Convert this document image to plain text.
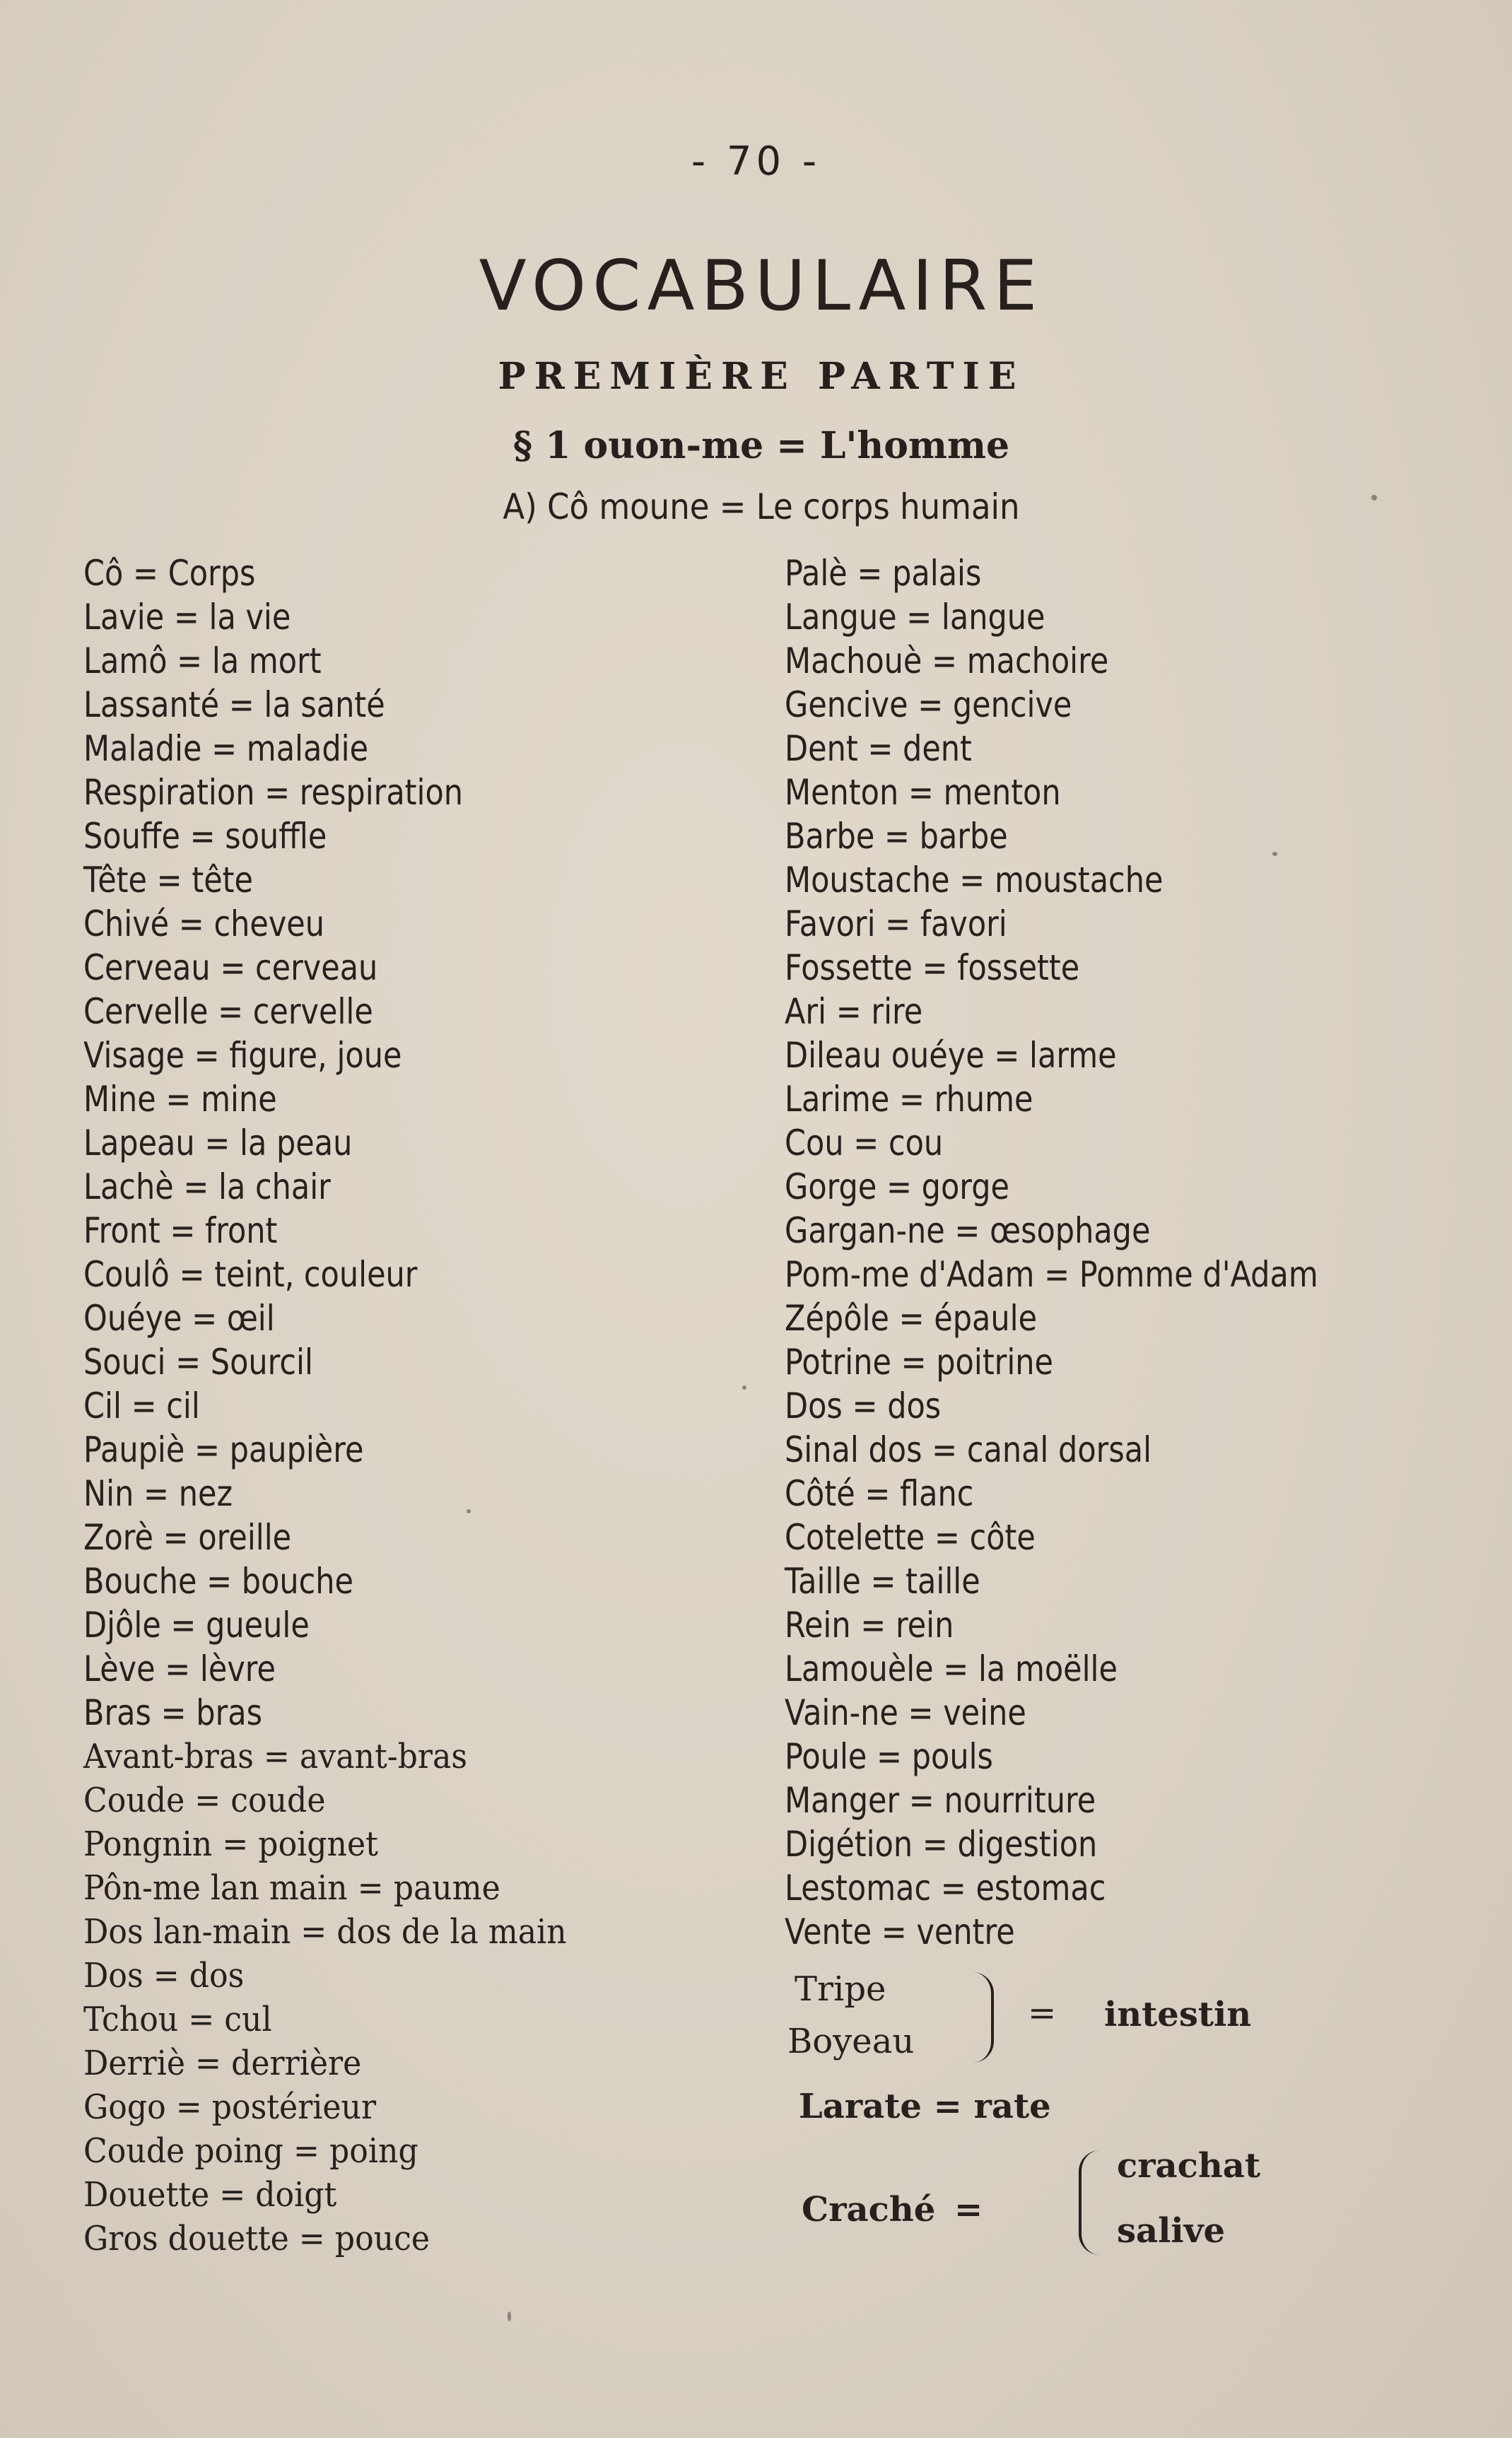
- 70 -
VOCABULAIRE
PREMIÈRE PARTIE
§ 1 ouon-me = L'homme
A) Cô moune = Le corps humain
Cô = Corps
Lavie = la vie
Lamô = la mort
Lassanté = la santé
Maladie = maladie
Respiration = respiration
Souffe = souffle
Tête = tête
Chivé = cheveu
Cerveau = cerveau
Cervelle = cervelle
Visage = figure, joue
Mine = mine
Lapeau = la peau
Lachè = la chair
Front = front
Coulô = teint, couleur
Ouéye = œil
Souci = Sourcil
Cil = cil
Paupiè = paupière
Nin = nez
Zorè = oreille
Bouche = bouche
Djôle = gueule
Lève = lèvre
Bras = bras
Avant-bras = avant-bras
Coude = coude
Pongnin = poignet
Pôn-me lan main = paume
Dos lan-main = dos de la main
Dos = dos
Tchou = cul
Derriè = derrière
Gogo = postérieur
Coude poing = poing
Douette = doigt
Gros douette = pouce
Palè = palais
Langue = langue
Machouè = machoire
Gencive = gencive
Dent = dent
Menton = menton
Barbe = barbe
Moustache = moustache
Favori = favori
Fossette = fossette
Ari = rire
Dileau ouéye = larme
Larime = rhume
Cou = cou
Gorge = gorge
Gargan-ne = œsophage
Pom-me d'Adam = Pomme d'Adam
Zépôle = épaule
Potrine = poitrine
Dos = dos
Sinal dos = canal dorsal
Côté = flanc
Cotelette = côte
Taille = taille
Rein = rein
Lamouèle = la moëlle
Vain-ne = veine
Poule = pouls
Manger = nourriture
Digétion = digestion
Lestomac = estomac
Vente = ventre
Tripe
Boyeau
= intestin
Larate = rate
Craché =
crachat
salive
